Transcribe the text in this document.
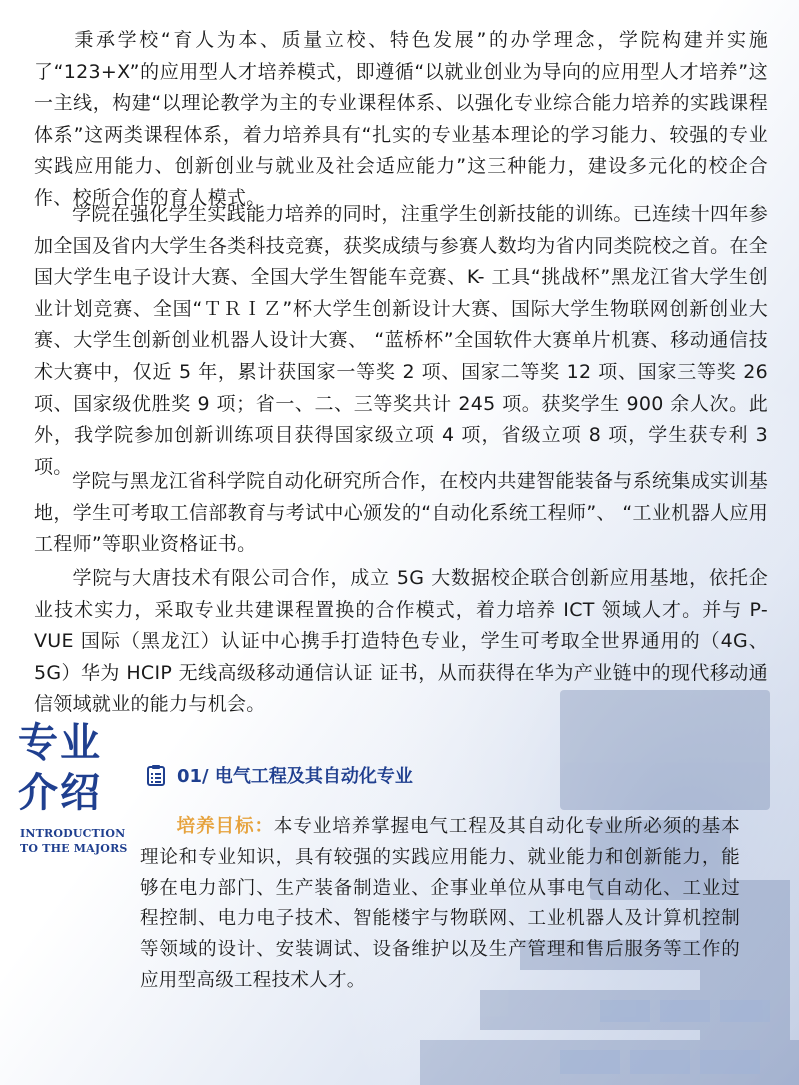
秉承学校“育人为本、质量立校、特色发展”的办学理念，学院构建并实施了“123+X”的应用型人才培养模式，即遵循“以就业创业为导向的应用型人才培养”这一主线，构建“以理论教学为主的专业课程体系、以强化专业综合能力培养的实践课程体系”这两类课程体系，着力培养具有“扎实的专业基本理论的学习能力、较强的专业实践应用能力、创新创业与就业及社会适应能力”这三种能力，建设多元化的校企合作、校所合作的育人模式。

学院在强化学生实践能力培养的同时，注重学生创新技能的训练。已连续十四年参加全国及省内大学生各类科技竞赛，获奖成绩与参赛人数均为省内同类院校之首。在全国大学生电子设计大赛、全国大学生智能车竞赛、K- 工具“挑战杯”黑龙江省大学生创业计划竞赛、全国“ＴＲＩＺ”杯大学生创新设计大赛、国际大学生物联网创新创业大赛、大学生创新创业机器人设计大赛、 “蓝桥杯”全国软件大赛单片机赛、移动通信技术大赛中，仅近 5 年，累计获国家一等奖 2 项、国家二等奖 12 项、国家三等奖 26 项、国家级优胜奖 9 项；省一、二、三等奖共计 245 项。获奖学生 900 余人次。此外，我学院参加创新训练项目获得国家级立项 4 项，省级立项 8 项，学生获专利 3 项。

学院与黑龙江省科学院自动化研究所合作，在校内共建智能装备与系统集成实训基地，学生可考取工信部教育与考试中心颁发的“自动化系统工程师”、 “工业机器人应用工程师”等职业资格证书。

学院与大唐技术有限公司合作，成立 5G 大数据校企联合创新应用基地，依托企业技术实力，采取专业共建课程置换的合作模式，着力培养 ICT 领域人才。并与 P-VUE 国际（黑龙江）认证中心携手打造特色专业，学生可考取全世界通用的（4G、5G）华为 HCIP 无线高级移动通信认证 证书，从而获得在华为产业链中的现代移动通信领域就业的能力与机会。

专业
介绍
INTRODUCTION
TO THE MAJORS
01/ 电气工程及其自动化专业

培养目标：本专业培养掌握电气工程及其自动化专业所必须的基本理论和专业知识，具有较强的实践应用能力、就业能力和创新能力，能够在电力部门、生产装备制造业、企事业单位从事电气自动化、工业过程控制、电力电子技术、智能楼宇与物联网、工业机器人及计算机控制等领域的设计、安装调试、设备维护以及生产管理和售后服务等工作的应用型高级工程技术人才。
